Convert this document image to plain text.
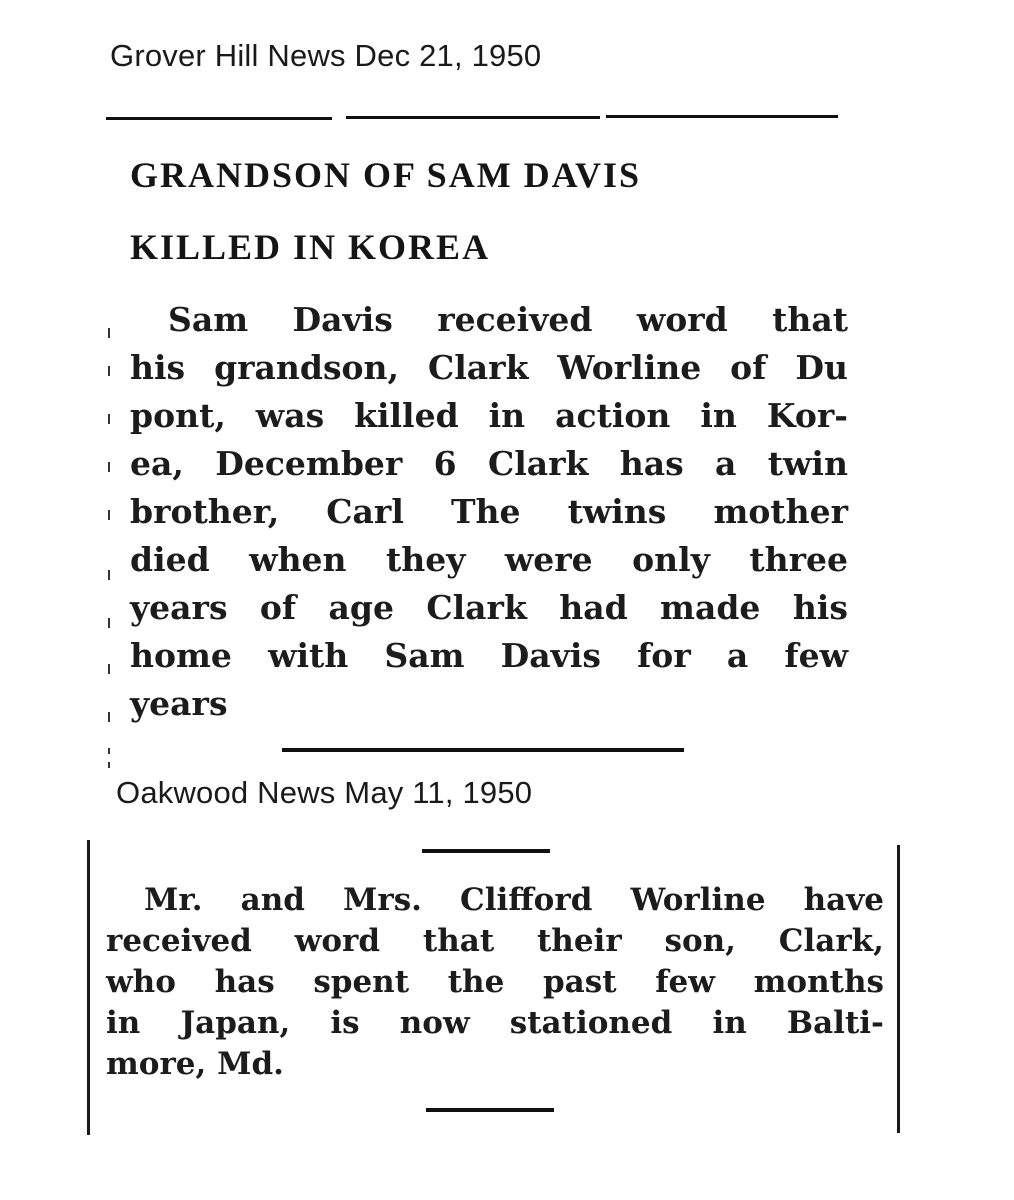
Grover Hill News Dec 21, 1950
GRANDSON OF SAM DAVIS
KILLED IN KOREA
Sam Davis received word that
his grandson, Clark Worline of Du
pont, was killed in action in Kor-
ea, December 6 Clark has a twin
brother, Carl The twins mother
died when they were only three
years of age Clark had made his
home with Sam Davis for a few
years
Oakwood News May 11, 1950
Mr. and Mrs. Clifford Worline have
received word that their son, Clark,
who has spent the past few months
in Japan, is now stationed in Balti-
more, Md.
